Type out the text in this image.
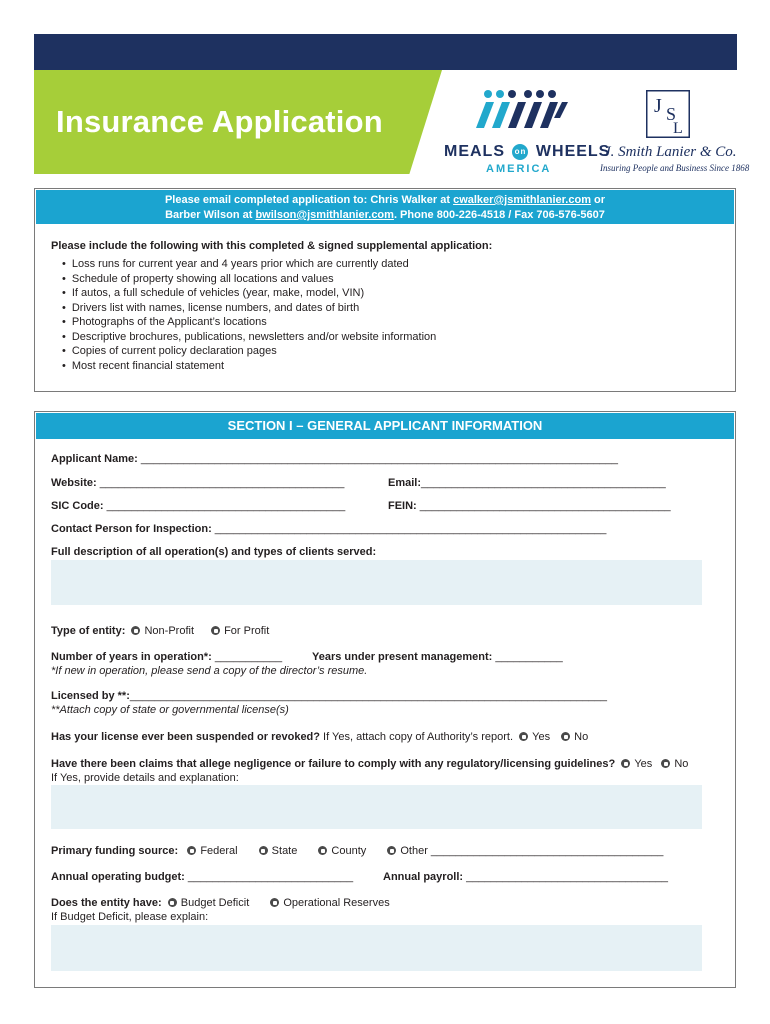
Insurance Application
MEALS on WHEELS
AMERICA
J S
L
J. Smith Lanier & Co.
Insuring People and Business Since 1868
Please email completed application to: Chris Walker at cwalker@jsmithlanier.com or
Barber Wilson at bwilson@jsmithlanier.com. Phone 800-226-4518 / Fax 706-576-5607
Please include the following with this completed & signed supplemental application:
• Loss runs for current year and 4 years prior which are currently dated
• Schedule of property showing all locations and values
• If autos, a full schedule of vehicles (year, make, model, VIN)
• Drivers list with names, license numbers, and dates of birth
• Photographs of the Applicant’s locations
• Descriptive brochures, publications, newsletters and/or website information
• Copies of current policy declaration pages
• Most recent financial statement
SECTION I – GENERAL APPLICANT INFORMATION
Applicant Name: ______________________________________________________________________________
Website: ________________________________________	Email:________________________________________
SIC Code: _______________________________________	FEIN: _________________________________________
Contact Person for Inspection: ________________________________________________________________
Full description of all operation(s) and types of clients served:
Type of entity: Non-Profit	For Profit
Number of years in operation*: ___________	Years under present management: ___________
*If new in operation, please send a copy of the director’s resume.
Licensed by **:______________________________________________________________________________
**Attach copy of state or governmental license(s)
Has your license ever been suspended or revoked? If Yes, attach copy of Authority’s report. Yes No
Have there been claims that allege negligence or failure to comply with any regulatory/licensing guidelines? Yes No
If Yes, provide details and explanation:
Primary funding source: Federal	State	County	Other ______________________________________
Annual operating budget: ___________________________	Annual payroll: _________________________________
Does the entity have: Budget Deficit	Operational Reserves
If Budget Deficit, please explain:
